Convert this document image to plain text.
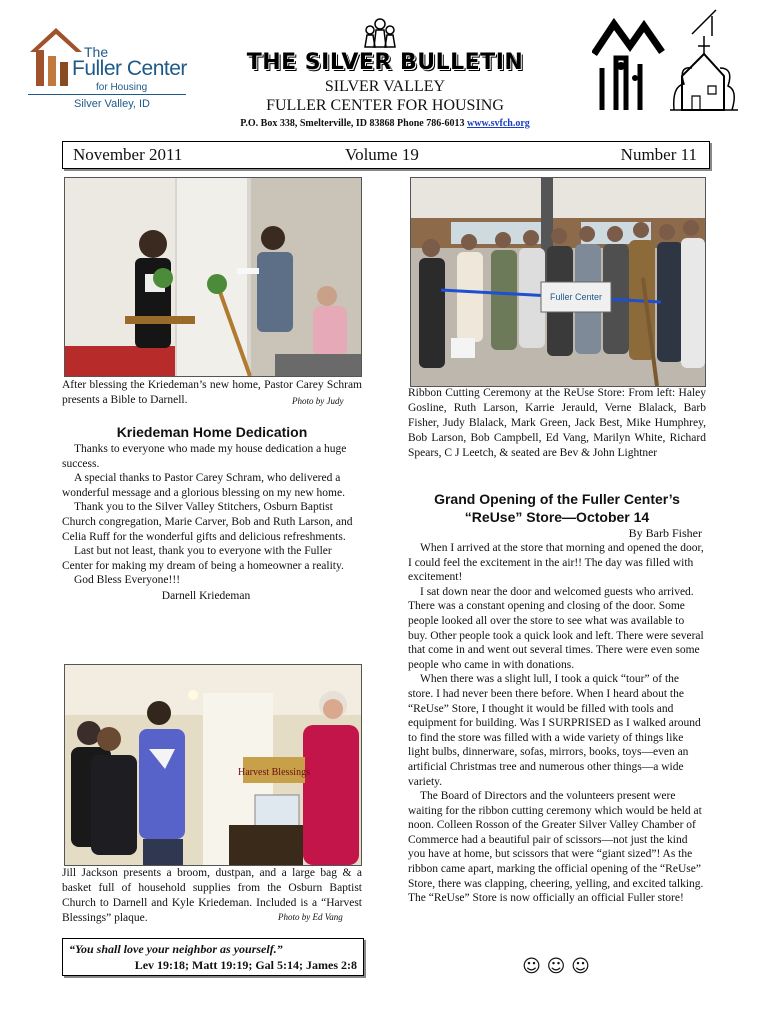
The
Fuller Center
for Housing
Silver Valley, ID
THE SILVER BULLETIN
SILVER VALLEY
FULLER CENTER FOR HOUSING
P.O. Box 338, Smelterville, ID 83868 Phone 786-6013 www.svfch.org
November 2011	Volume 19	Number 11
After blessing the Kriedeman’s new home, Pastor Carey Schram presents a Bible to Darnell.	Photo by Judy
Kriedeman Home Dedication

Thanks to everyone who made my house dedication a huge success.

A special thanks to Pastor Carey Schram, who delivered a wonderful message and a glorious blessing on my new home.

Thank you to the Silver Valley Stitchers, Osburn Baptist Church congregation, Marie Carver, Bob and Ruth Larson, and Celia Ruff for the wonderful gifts and delicious refreshments.

Last but not least, thank you to everyone with the Fuller Center for making my dream of being a homeowner a reality.

God Bless Everyone!!!

Darnell Kriedeman
Harvest Blessings
Jill Jackson presents a broom, dustpan, and a large bag & a basket full of household supplies from the Osburn Baptist Church to Darnell and Kyle Kriedeman. Included is a “Harvest Blessings” plaque.	Photo by Ed Vang
“You shall love your neighbor as yourself.”
Lev 19:18; Matt 19:19; Gal 5:14; James 2:8
Fuller Center
Ribbon Cutting Ceremony at the ReUse Store: From left: Haley Gosline, Ruth Larson, Karrie Jerauld, Verne Blalack, Barb Fisher, Judy Blalack, Mark Green, Jack Best, Mike Humphrey, Bob Larson, Bob Campbell, Ed Vang, Marilyn White, Richard Spears, C J Leetch, & seated are Bev & John Lightner
Grand Opening of the Fuller Center’s
“ReUse” Store—October 14
By Barb Fisher

When I arrived at the store that morning and opened the door, I could feel the excitement in the air!! The day was filled with excitement!

I sat down near the door and welcomed guests who arrived. There was a constant opening and closing of the door. Some people looked all over the store to see what was available to buy. Other people took a quick look and left. There were several that come in and went out several times. There were even some people who came in with donations.

When there was a slight lull, I took a quick “tour” of the store. I had never been there before. When I heard about the “ReUse” Store, I thought it would be filled with tools and equipment for building. Was I SURPRISED as I walked around to find the store was filled with a wide variety of things like light bulbs, dinnerware, sofas, mirrors, books, toys—even an artificial Christmas tree and numerous other things—a wide variety.

The Board of Directors and the volunteers present were waiting for the ribbon cutting ceremony which would be held at noon. Colleen Rosson of the Greater Silver Valley Chamber of Commerce had a beautiful pair of scissors—not just the kind you have at home, but scissors that were “giant sized”! As the ribbon came apart, marking the official opening of the “ReUse” Store, there was clapping, cheering, yelling, and excited talking. The “ReUse” Store is now officially an official Fuller store!

☺ ☺ ☺
